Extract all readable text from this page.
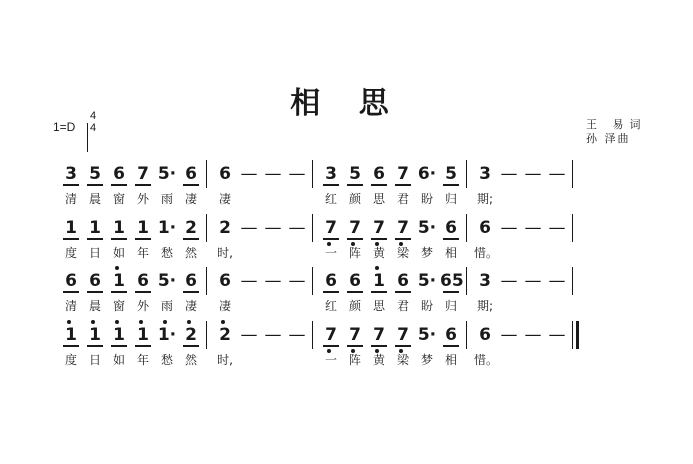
相 思
1=D
4
4	王 易词
孙 泽曲
3
清
5
晨
6
窗
7
外
5·
雨
6
凄
6
凄
— — — 3
红
5
颜
6
思
7
君
6·
盼
5
归
3
期;
— — —
1
度
1
日
1
如
1
年
1·
愁
2
然
2
时,
— — — 7
一
7
阵
7
黄
7
梁
5·
梦
6
相
6
惜。
— — —
6
清
6
晨
1
窗
6
外
5·
雨
6
凄
6
凄
— — — 6
红
6
颜
1
思
6
君
5·
盼
65
归
3
期;
— — —
1
度
1
日
1
如
1
年
1·
愁
2
然
2
时,
— — — 7
一
7
阵
7
黄
7
梁
5·
梦
6
相
6
惜。
— — —
